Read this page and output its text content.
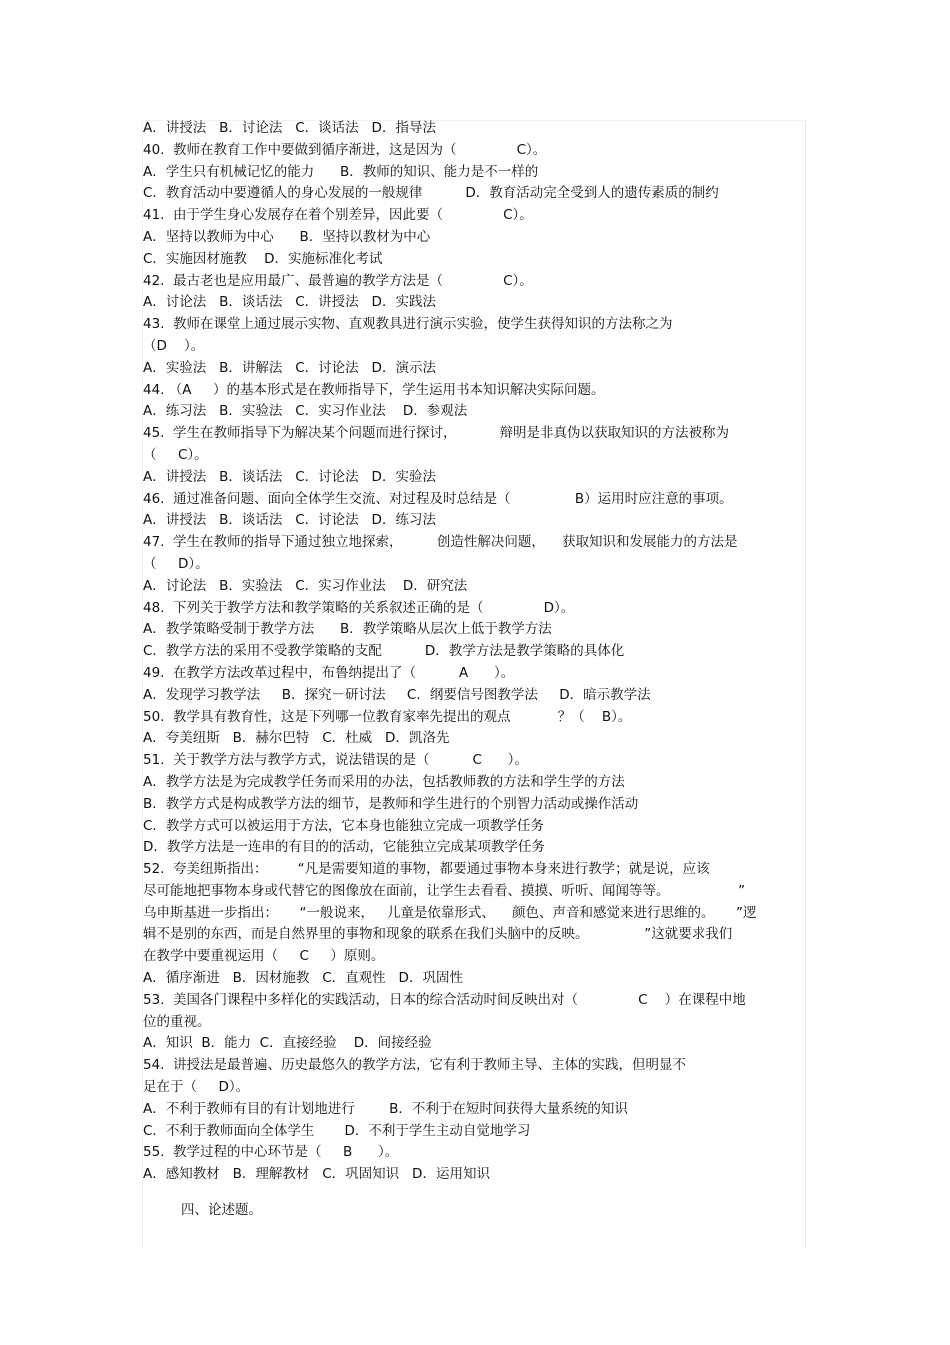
A．讲授法   B．讨论法   C．谈话法   D．指导法
40.  教师在教育工作中要做到循序渐进，这是因为（              C）。
A．学生只有机械记忆的能力      B．教师的知识、能力是不一样的
C．教育活动中要遵循人的身心发展的一般规律          D．教育活动完全受到人的遗传素质的制约
41.  由于学生身心发展存在着个别差异，因此要（              C）。
A．坚持以教师为中心      B．坚持以教材为中心
C．实施因材施教    D．实施标准化考试
42.  最古老也是应用最广、最普遍的教学方法是（              C）。
A．讨论法   B．谈话法   C．讲授法   D．实践法
43.  教师在课堂上通过展示实物、直观教具进行演示实验，使学生获得知识的方法称之为
（D    ）。
A．实验法   B．讲解法   C．讨论法   D．演示法
44. （A     ）的基本形式是在教师指导下，学生运用书本知识解决实际问题。
A．练习法   B．实验法   C．实习作业法    D．参观法
45.  学生在教师指导下为解决某个问题而进行探讨，          辩明是非真伪以获取知识的方法被称为
（     C）。
A．讲授法   B．谈话法   C．讨论法   D．实验法
46.  通过准备问题、面向全体学生交流、对过程及时总结是（               B）运用时应注意的事项。
A．讲授法   B．谈话法   C．讨论法   D．练习法
47.  学生在教师的指导下通过独立地探索，        创造性解决问题，    获取知识和发展能力的方法是
（     D）。
A．讨论法   B．实验法   C．实习作业法    D．研究法
48.  下列关于教学方法和教学策略的关系叙述正确的是（              D）。
A．教学策略受制于教学方法      B．教学策略从层次上低于教学方法
C．教学方法的采用不受教学策略的支配          D．教学方法是教学策略的具体化
49.  在教学方法改革过程中，布鲁纳提出了（          A      ）。
A．发现学习教学法     B．探究－研讨法     C．纲要信号图教学法     D．暗示教学法
50.  教学具有教育性，这是下列哪一位教育家率先提出的观点           ？（    B）。
A．夸美纽斯   B．赫尔巴特   C．杜威   D．凯洛先
51.  关于教学方法与教学方式，说法错误的是（          C      ）。
A．教学方法是为完成教学任务而采用的办法，包括教师教的方法和学生学的方法
B．教学方式是构成教学方法的细节，是教师和学生进行的个别智力活动或操作活动
C．教学方式可以被运用于方法，它本身也能独立完成一项教学任务
D．教学方法是一连串的有目的的活动，它能独立完成某项教学任务
52.  夸美纽斯指出：       “凡是需要知道的事物，都要通过事物本身来进行教学；就是说，应该
尽可能地把事物本身或代替它的图像放在面前，让学生去看看、摸摸、听听、闻闻等等。                ”
乌申斯基进一步指出：     “一般说来，   儿童是依靠形式、    颜色、声音和感觉来进行思维的。     ”逻
辑不是别的东西，而是自然界里的事物和现象的联系在我们头脑中的反映。             ”这就要求我们
在教学中要重视运用（     C     ）原则。
A．循序渐进   B．因材施教   C．直观性   D．巩固性
53.  美国各门课程中多样化的实践活动，日本的综合活动时间反映出对（              C    ）在课程中地
位的重视。
A．知识  B．能力  C．直接经验    D．间接经验
54.  讲授法是最普遍、历史最悠久的教学方法，它有利于教师主导、主体的实践，但明显不
足在于（     D）。
A．不利于教师有目的有计划地进行        B．不利于在短时间获得大量系统的知识
C．不利于教师面向全体学生       D．不利于学生主动自觉地学习
55.  教学过程的中心环节是（     B      ）。
A．感知教材   B．理解教材   C．巩固知识   D．运用知识
四、论述题。
